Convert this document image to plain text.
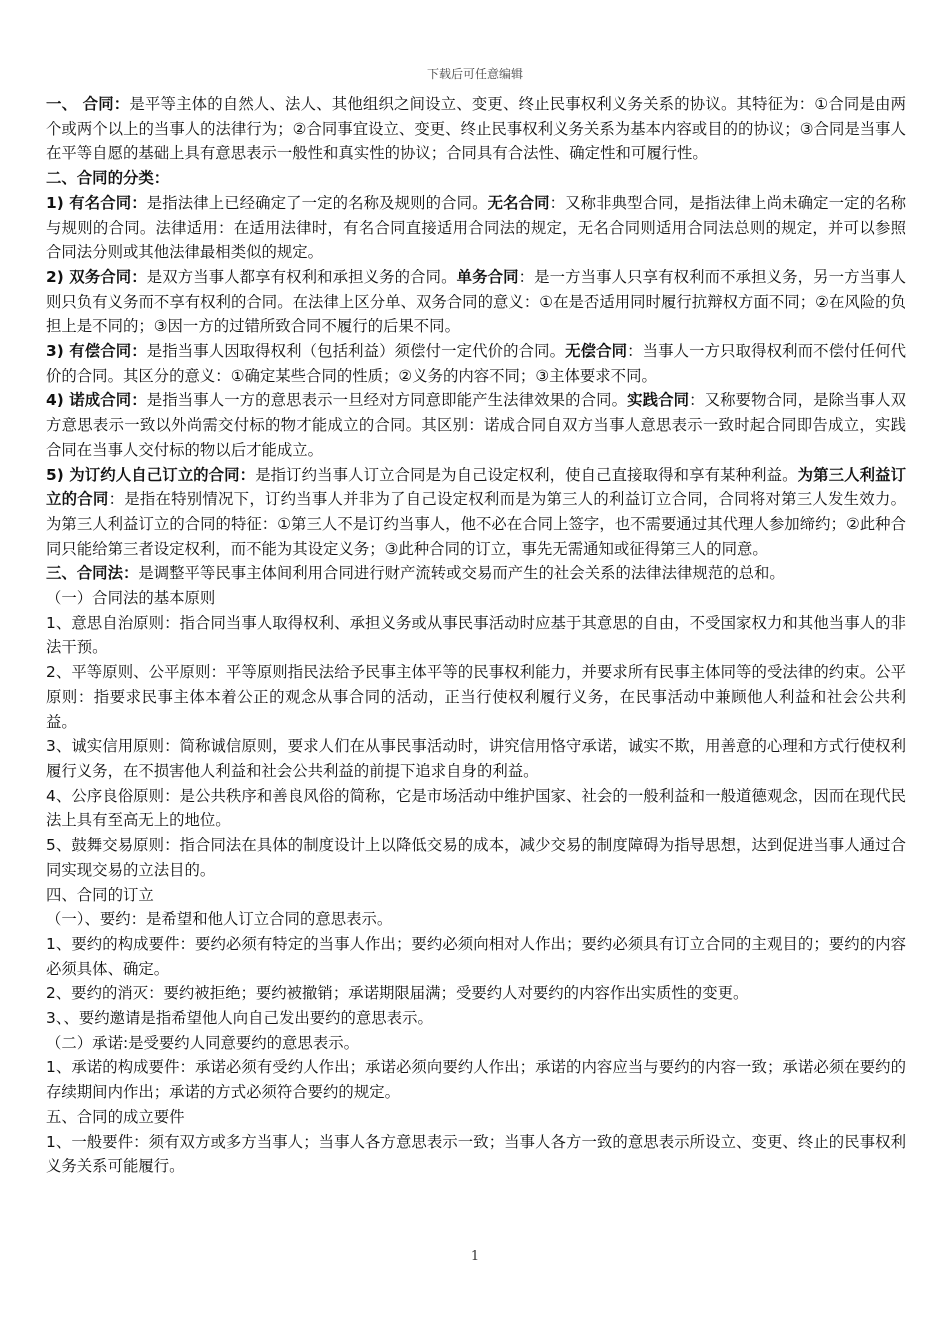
下载后可任意编辑

一、 合同：是平等主体的自然人、法人、其他组织之间设立、变更、终止民事权利义务关系的协议。其特征为：①合同是由两个或两个以上的当事人的法律行为；②合同事宜设立、变更、终止民事权利义务关系为基本内容或目的的协议；③合同是当事人在平等自愿的基础上具有意思表示一般性和真实性的协议；合同具有合法性、确定性和可履行性。

二、合同的分类：

1) 有名合同：是指法律上已经确定了一定的名称及规则的合同。无名合同：又称非典型合同，是指法律上尚未确定一定的名称与规则的合同。法律适用：在适用法律时，有名合同直接适用合同法的规定，无名合同则适用合同法总则的规定，并可以参照合同法分则或其他法律最相类似的规定。

2) 双务合同：是双方当事人都享有权利和承担义务的合同。单务合同：是一方当事人只享有权利而不承担义务，另一方当事人则只负有义务而不享有权利的合同。在法律上区分单、双务合同的意义：①在是否适用同时履行抗辩权方面不同；②在风险的负担上是不同的；③因一方的过错所致合同不履行的后果不同。

3) 有偿合同：是指当事人因取得权利（包括利益）须偿付一定代价的合同。无偿合同：当事人一方只取得权利而不偿付任何代价的合同。其区分的意义：①确定某些合同的性质；②义务的内容不同；③主体要求不同。

4) 诺成合同：是指当事人一方的意思表示一旦经对方同意即能产生法律效果的合同。实践合同：又称要物合同，是除当事人双方意思表示一致以外尚需交付标的物才能成立的合同。其区别：诺成合同自双方当事人意思表示一致时起合同即告成立，实践合同在当事人交付标的物以后才能成立。

5) 为订约人自己订立的合同：是指订约当事人订立合同是为自己设定权利，使自己直接取得和享有某种利益。为第三人利益订立的合同：是指在特别情况下，订约当事人并非为了自己设定权利而是为第三人的利益订立合同，合同将对第三人发生效力。为第三人利益订立的合同的特征：①第三人不是订约当事人，他不必在合同上签字，也不需要通过其代理人参加缔约；②此种合同只能给第三者设定权利，而不能为其设定义务；③此种合同的订立，事先无需通知或征得第三人的同意。

三、合同法：是调整平等民事主体间利用合同进行财产流转或交易而产生的社会关系的法律法律规范的总和。

（一）合同法的基本原则

1、意思自治原则：指合同当事人取得权利、承担义务或从事民事活动时应基于其意思的自由，不受国家权力和其他当事人的非法干预。

2、平等原则、公平原则：平等原则指民法给予民事主体平等的民事权利能力，并要求所有民事主体同等的受法律的约束。公平原则：指要求民事主体本着公正的观念从事合同的活动，正当行使权利履行义务，在民事活动中兼顾他人利益和社会公共利益。

3、诚实信用原则：简称诚信原则，要求人们在从事民事活动时，讲究信用恪守承诺，诚实不欺，用善意的心理和方式行使权利履行义务，在不损害他人利益和社会公共利益的前提下追求自身的利益。

4、公序良俗原则：是公共秩序和善良风俗的简称，它是市场活动中维护国家、社会的一般利益和一般道德观念，因而在现代民法上具有至高无上的地位。

5、鼓舞交易原则：指合同法在具体的制度设计上以降低交易的成本，减少交易的制度障碍为指导思想，达到促进当事人通过合同实现交易的立法目的。

四、合同的订立

（一）、要约：是希望和他人订立合同的意思表示。

1、要约的构成要件：要约必须有特定的当事人作出；要约必须向相对人作出；要约必须具有订立合同的主观目的；要约的内容必须具体、确定。

2、要约的消灭：要约被拒绝；要约被撤销；承诺期限届满；受要约人对要约的内容作出实质性的变更。

3、、要约邀请是指希望他人向自己发出要约的意思表示。

（二）承诺:是受要约人同意要约的意思表示。

1、承诺的构成要件：承诺必须有受约人作出；承诺必须向要约人作出；承诺的内容应当与要约的内容一致；承诺必须在要约的存续期间内作出；承诺的方式必须符合要约的规定。

五、合同的成立要件

1、一般要件：须有双方或多方当事人；当事人各方意思表示一致；当事人各方一致的意思表示所设立、变更、终止的民事权利义务关系可能履行。

1
